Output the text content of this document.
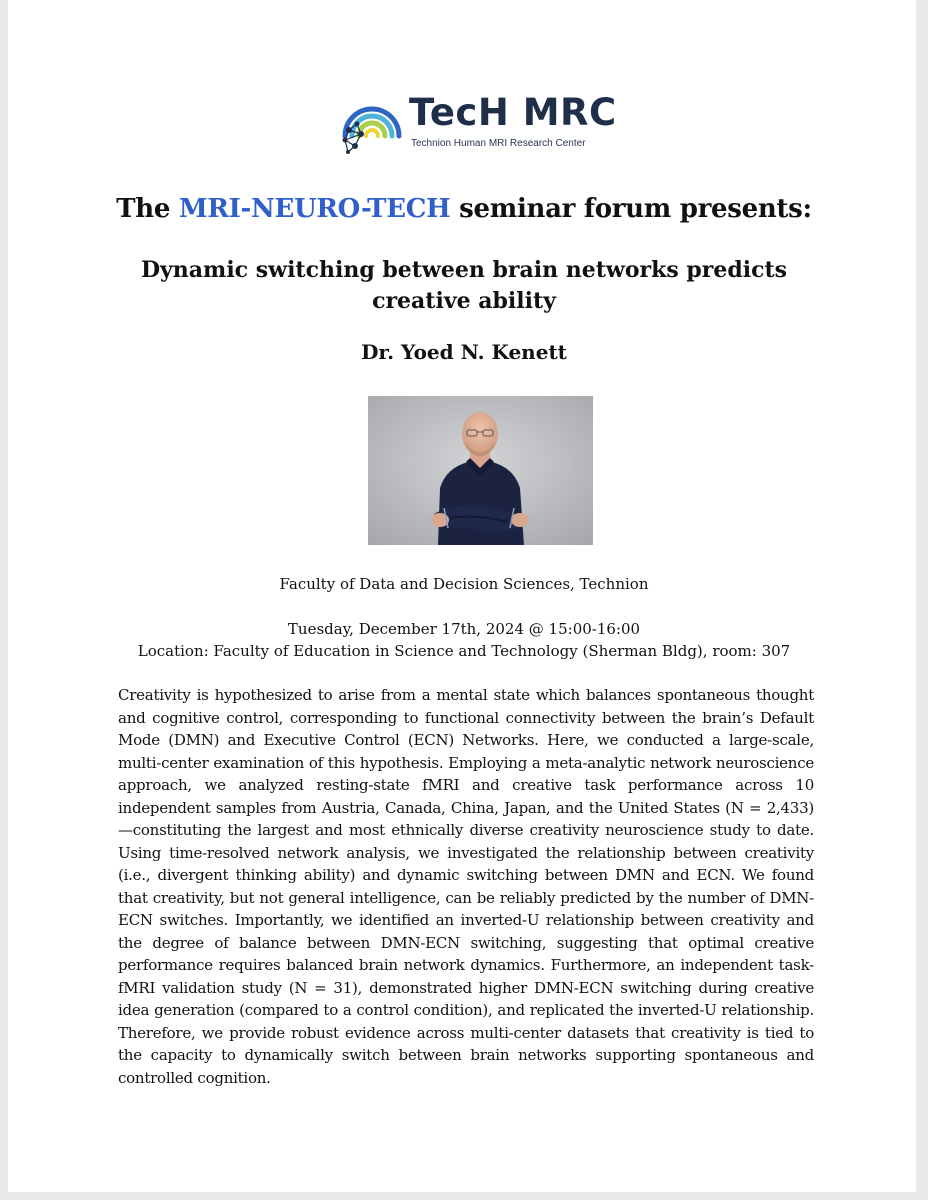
TecH MRC
Technion Human MRI Research Center
The MRI-NEURO-TECH seminar forum presents:
Dynamic switching between brain networks predicts
creative ability
Dr. Yoed N. Kenett
Faculty of Data and Decision Sciences, Technion
Tuesday, December 17th, 2024 @ 15:00-16:00
Location: Faculty of Education in Science and Technology (Sherman Bldg), room: 307
Creativity is hypothesized to arise from a mental state which balances spontaneous thought and cognitive control, corresponding to functional connectivity between the brain’s Default Mode (DMN) and Executive Control (ECN) Networks. Here, we conducted a large-scale, multi-center examination of this hypothesis. Employing a meta-analytic network neuroscience approach, we analyzed resting-state fMRI and creative task performance across 10 independent samples from Austria, Canada, China, Japan, and the United States (N = 2,433)—constituting the largest and most ethnically diverse creativity neuroscience study to date. Using time-resolved network analysis, we investigated the relationship between creativity (i.e., divergent thinking ability) and dynamic switching between DMN and ECN. We found that creativity, but not general intelligence, can be reliably predicted by the number of DMN-ECN switches. Importantly, we identified an inverted-U relationship between creativity and the degree of balance between DMN-ECN switching, suggesting that optimal creative performance requires balanced brain network dynamics. Furthermore, an independent task-fMRI validation study (N = 31), demonstrated higher DMN-ECN switching during creative idea generation (compared to a control condition), and replicated the inverted-U relationship. Therefore, we provide robust evidence across multi-center datasets that creativity is tied to the capacity to dynamically switch between brain networks supporting spontaneous and controlled cognition.
